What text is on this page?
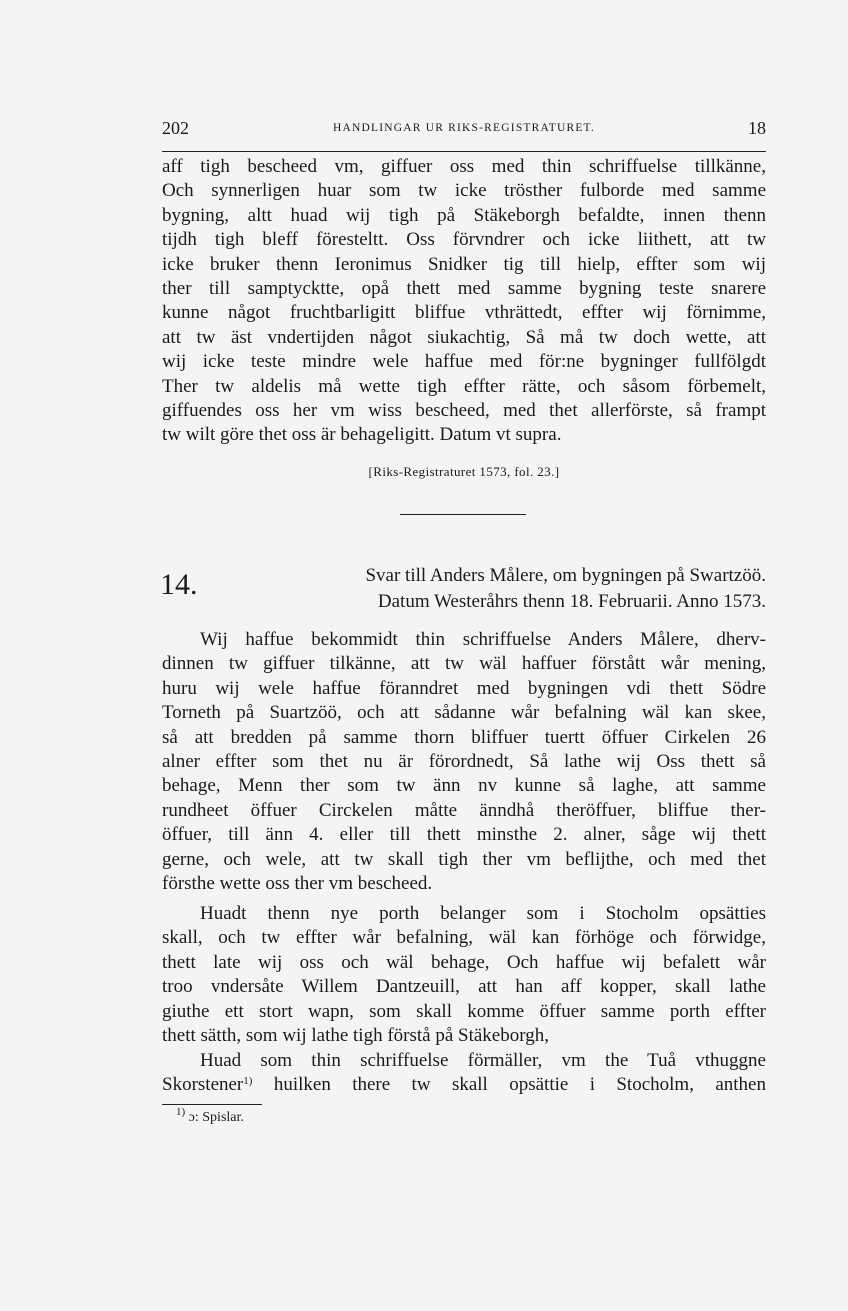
202	HANDLINGAR UR RIKS-REGISTRATURET.	18
aff tigh bescheed vm, giffuer oss med thin schriffuelse tillkänne,
Och synnerligen huar som tw icke trösther fulborde med samme
bygning, altt huad wij tigh på Stäkeborgh befaldte, innen thenn
tijdh tigh bleff föresteltt. Oss förvndrer och icke liithett, att tw
icke bruker thenn Ieronimus Snidker tig till hielp, effter som wij
ther till samptycktte, opå thett med samme bygning teste snarere
kunne något fruchtbarligitt bliffue vthrättedt, effter wij förnimme,
att tw äst vndertijden något siukachtig, Så må tw doch wette, att
wij icke teste mindre wele haffue med för:ne bygninger fullfölgdt
Ther tw aldelis må wette tigh effter rätte, och såsom förbemelt,
giffuendes oss her vm wiss bescheed, med thet allerförste, så frampt
tw wilt göre thet oss är behageligitt. Datum vt supra.
[Riks-Registraturet 1573, fol. 23.]
14.	Svar till Anders Målere, om bygningen på Swartzöö.
Datum Westeråhrs thenn 18. Februarii. Anno 1573.
Wij haffue bekommidt thin schriffuelse Anders Målere, dherv-
dinnen tw giffuer tilkänne, att tw wäl haffuer förstått wår mening,
huru wij wele haffue föranndret med bygningen vdi thett Södre
Torneth på Suartzöö, och att sådanne wår befalning wäl kan skee,
så att bredden på samme thorn bliffuer tuertt öffuer Cirkelen 26
alner effter som thet nu är förordnedt, Så lathe wij Oss thett så
behage, Menn ther som tw änn nv kunne så laghe, att samme
rundheet öffuer Circkelen måtte änndhå theröffuer, bliffue ther-
öffuer, till änn 4. eller till thett minsthe 2. alner, såge wij thett
gerne, och wele, att tw skall tigh ther vm beflijthe, och med thet
försthe wette oss ther vm bescheed.
Huadt thenn nye porth belanger som i Stocholm opsätties
skall, och tw effter wår befalning, wäl kan förhöge och förwidge,
thett late wij oss och wäl behage, Och haffue wij befalett wår
troo vndersåte Willem Dantzeuill, att han aff kopper, skall lathe
giuthe ett stort wapn, som skall komme öffuer samme porth effter
thett sätth, som wij lathe tigh förstå på Stäkeborgh,
Huad som thin schriffuelse förmäller, vm the Tuå vthuggne
Skorstener$^{1)}$ huilken there tw skall opsättie i Stocholm, anthen
$^{1)}$ ɔ: Spislar.
